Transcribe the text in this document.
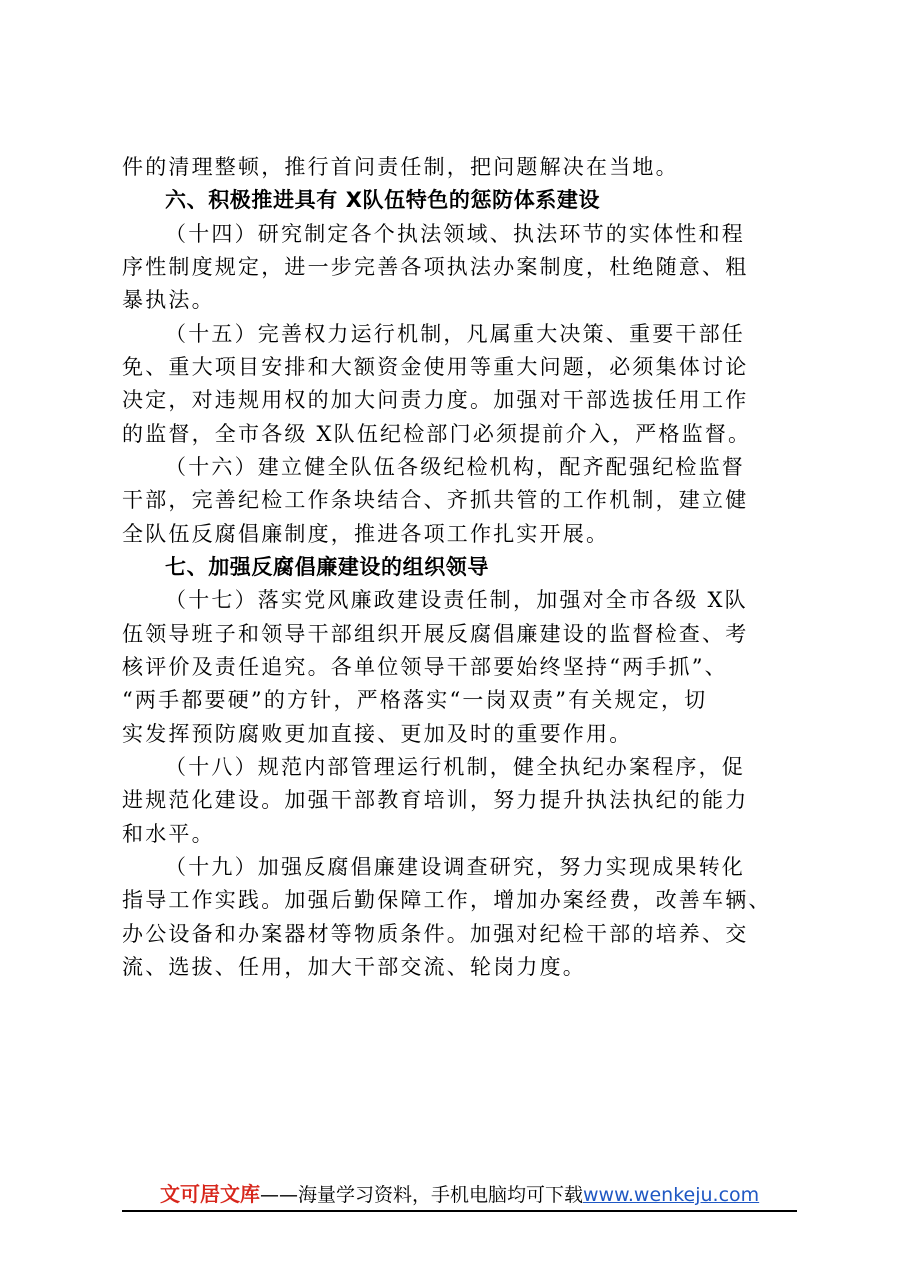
件的清理整顿，推行首问责任制，把问题解决在当地。
六、积极推进具有 X队伍特色的惩防体系建设
（十四）研究制定各个执法领域、执法环节的实体性和程
序性制度规定，进一步完善各项执法办案制度，杜绝随意、粗
暴执法。
（十五）完善权力运行机制，凡属重大决策、重要干部任
免、重大项目安排和大额资金使用等重大问题，必须集体讨论
决定，对违规用权的加大问责力度。加强对干部选拔任用工作
的监督，全市各级 X队伍纪检部门必须提前介入，严格监督。
（十六）建立健全队伍各级纪检机构，配齐配强纪检监督
干部，完善纪检工作条块结合、齐抓共管的工作机制，建立健
全队伍反腐倡廉制度，推进各项工作扎实开展。
七、加强反腐倡廉建设的组织领导
（十七）落实党风廉政建设责任制，加强对全市各级 X队
伍领导班子和领导干部组织开展反腐倡廉建设的监督检查、考
核评价及责任追究。各单位领导干部要始终坚持“两手抓”、
“两手都要硬”的方针，严格落实“一岗双责”有关规定，切
实发挥预防腐败更加直接、更加及时的重要作用。
（十八）规范内部管理运行机制，健全执纪办案程序，促
进规范化建设。加强干部教育培训，努力提升执法执纪的能力
和水平。
（十九）加强反腐倡廉建设调查研究，努力实现成果转化
指导工作实践。加强后勤保障工作，增加办案经费，改善车辆、
办公设备和办案器材等物质条件。加强对纪检干部的培养、交
流、选拔、任用，加大干部交流、轮岗力度。
文可居文库——海量学习资料，手机电脑均可下载www.wenkeju.com
